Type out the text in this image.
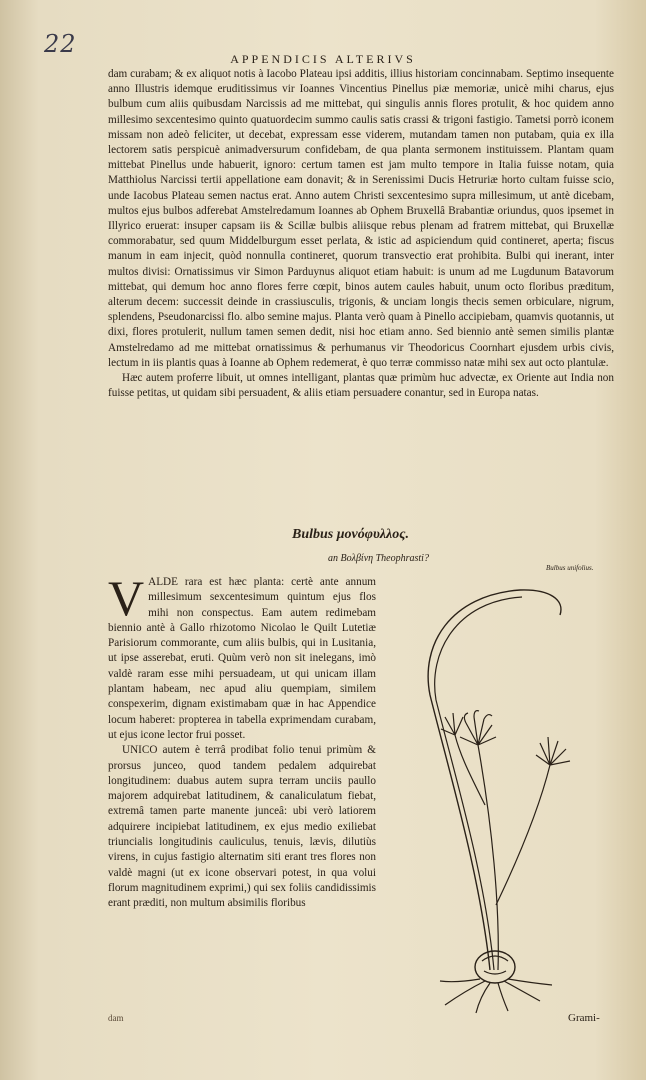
22
APPENDICIS ALTERIVS

dam curabam; & ex aliquot notis à Iacobo Plateau ipsi additis, illius historiam concinnabam. Septimo insequente anno Illustris idemque eruditissimus vir Ioannes Vincentius Pinellus piæ memoriæ, unicè mihi charus, ejus bulbum cum aliis quibusdam Narcissis ad me mittebat, qui singulis annis flores protulit, & hoc quidem anno millesimo sexcentesimo quinto quatuordecim summo caulis satis crassi & trigoni fastigio. Tametsi porrò iconem missam non adeò feliciter, ut decebat, expressam esse viderem, mutandam tamen non putabam, quia ex illa lectorem satis perspicuè animadversurum confidebam, de qua planta sermonem instituissem. Plantam quam mittebat Pinellus unde habuerit, ignoro: certum tamen est jam multo tempore in Italia fuisse notam, quia Matthiolus Narcissi tertii appellatione eam donavit; & in Serenissimi Ducis Hetruriæ horto cultam fuisse scio, unde Iacobus Plateau semen nactus erat. Anno autem Christi sexcentesimo supra millesimum, ut antè dicebam, multos ejus bulbos adferebat Amstelredamum Ioannes ab Ophem Bruxellâ Brabantiæ oriundus, quos ipsemet in Illyrico eruerat: insuper capsam iis & Scillæ bulbis aliisque rebus plenam ad fratrem mittebat, qui Bruxellæ commorabatur, sed quum Middelburgum esset perlata, & istic ad aspiciendum quid contineret, aperta; fiscus manum in eam injecit, quòd nonnulla contineret, quorum transvectio erat prohibita. Bulbi qui inerant, inter multos divisi: Ornatissimus vir Simon Parduynus aliquot etiam habuit: is unum ad me Lugdunum Batavorum mittebat, qui demum hoc anno flores ferre cœpit, binos autem caules habuit, unum octo floribus præditum, alterum decem: successit deinde in crassiusculis, trigonis, & unciam longis thecis semen orbiculare, nigrum, splendens, Pseudonarcissi flo. albo semine majus. Planta verò quam à Pinello accipiebam, quamvis quotannis, ut dixi, flores protulerit, nullum tamen semen dedit, nisi hoc etiam anno. Sed biennio antè semen similis plantæ Amstelredamo ad me mittebat ornatissimus & perhumanus vir Theodoricus Coornhart ejusdem urbis civis, lectum in iis plantis quas à Ioanne ab Ophem redemerat, è quo terræ commisso natæ mihi sex aut octo plantulæ.

Hæc autem proferre libuit, ut omnes intelligant, plantas quæ primùm huc advectæ, ex Oriente aut India non fuisse petitas, ut quidam sibi persuadent, & aliis etiam persuadere conantur, sed in Europa natas.

Bulbus μονόφυλλος.
an Βολβίνη Theophrasti?
Bulbus unifolius.

VALDE rara est hæc planta: certè ante annum millesimum sexcentesimum quintum ejus flos mihi non conspectus. Eam autem redimebam biennio antè à Gallo rhizotomo Nicolao le Quilt Lutetiæ Parisiorum commorante, cum aliis bulbis, qui in Lusitania, ut ipse asserebat, eruti. Quùm verò non sit inelegans, imò valdè raram esse mihi persuadeam, ut qui unicam illam plantam habeam, nec apud aliu quempiam, similem conspexerim, dignam existimabam quæ in hac Appendice locum haberet: propterea in tabella exprimendam curabam, ut ejus icone lector frui posset.

UNICO autem è terrâ prodibat folio tenui primùm & prorsus junceo, quod tandem pedalem adquirebat longitudinem: duabus autem supra terram unciis paullo majorem adquirebat latitudinem, & canaliculatum fiebat, extremâ tamen parte manente junceâ: ubi verò latiorem adquirere incipiebat latitudinem, ex ejus medio exiliebat triuncialis longitudinis cauliculus, tenuis, lævis, dilutiùs virens, in cujus fastigio alternatim siti erant tres flores non valdè magni (ut ex icone observari potest, in qua volui florum magnitudinem exprimi,) qui sex foliis candidissimis erant præditi, non multum absimilis floribus

dam	Grami-
